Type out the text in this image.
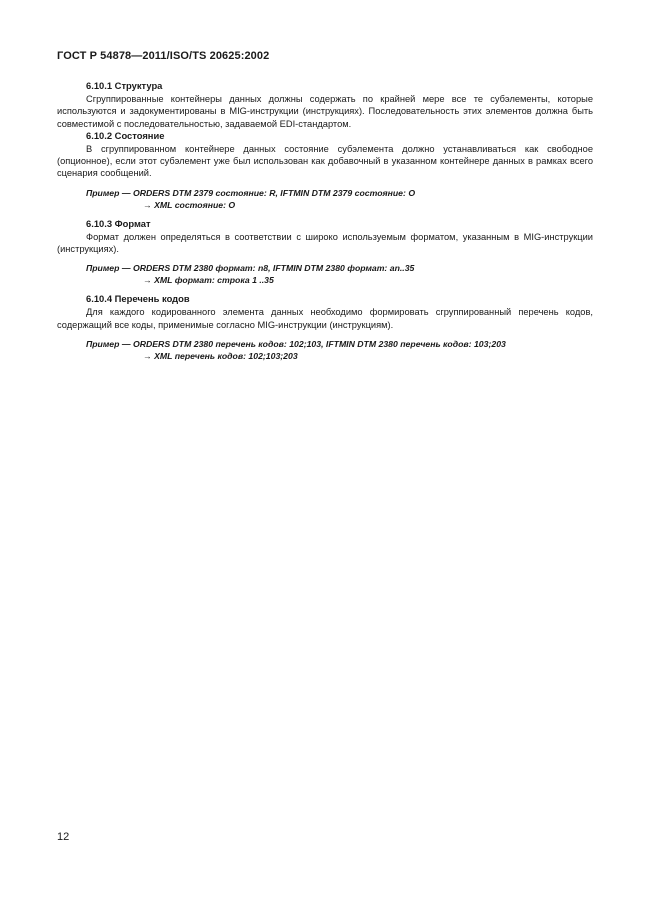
ГОСТ Р 54878—2011/ISO/TS 20625:2002
6.10.1 Структура

Сгруппированные контейнеры данных должны содержать по крайней мере все те субэлементы, которые используются и задокументированы в MIG-инструкции (инструкциях). Последовательность этих элементов должна быть совместимой с последовательностью, задаваемой EDI-стандартом.

6.10.2 Состояние

В сгруппированном контейнере данных состояние субэлемента должно устанавливаться как свободное (опционное), если этот субэлемент уже был использован как добавочный в указанном контейнере данных в рамках всего сценария сообщений.

Пример — ORDERS DTM 2379 состояние: R, IFTMIN DTM 2379 состояние: O

→ XML состояние: O

6.10.3 Формат

Формат должен определяться в соответствии с широко используемым форматом, указанным в MIG-инструкции (инструкциях).

Пример — ORDERS DTM 2380 формат: n8, IFTMIN DTM 2380 формат: an..35

→ XML формат: строка 1 ..35

6.10.4 Перечень кодов

Для каждого кодированного элемента данных необходимо формировать сгруппированный перечень кодов, содержащий все коды, применимые согласно MIG-инструкции (инструкциям).

Пример — ORDERS DTM 2380 перечень кодов: 102;103, IFTMIN DTM 2380 перечень кодов: 103;203

→ XML перечень кодов: 102;103;203

12
